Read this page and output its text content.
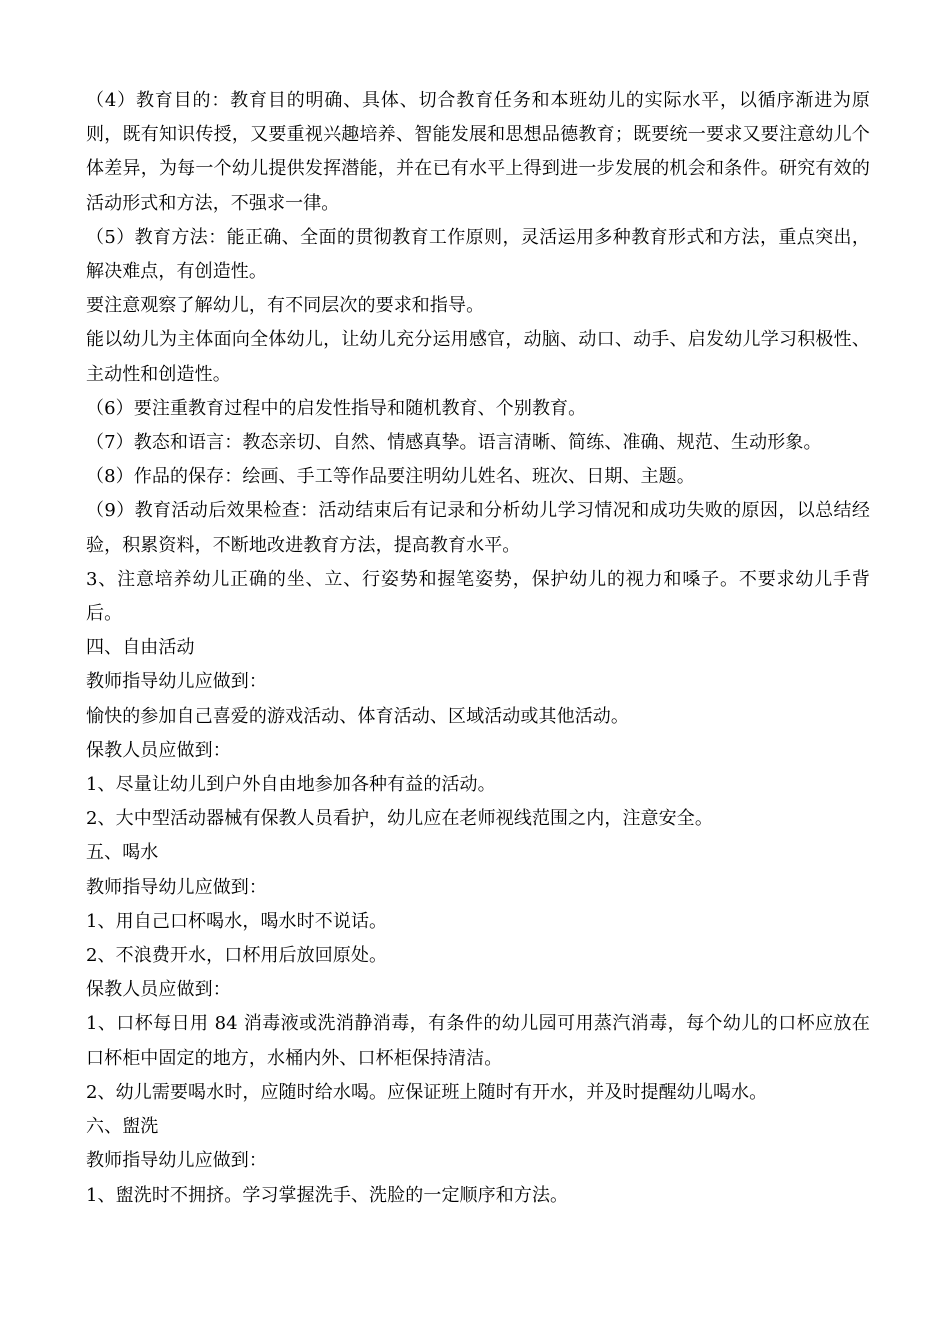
（4）教育目的：教育目的明确、具体、切合教育任务和本班幼儿的实际水平，以循序渐进为原则，既有知识传授，又要重视兴趣培养、智能发展和思想品德教育；既要统一要求又要注意幼儿个体差异，为每一个幼儿提供发挥潜能，并在已有水平上得到进一步发展的机会和条件。研究有效的活动形式和方法，不强求一律。

（5）教育方法：能正确、全面的贯彻教育工作原则，灵活运用多种教育形式和方法，重点突出，解决难点，有创造性。

要注意观察了解幼儿，有不同层次的要求和指导。

能以幼儿为主体面向全体幼儿，让幼儿充分运用感官，动脑、动口、动手、启发幼儿学习积极性、主动性和创造性。

（6）要注重教育过程中的启发性指导和随机教育、个别教育。

（7）教态和语言：教态亲切、自然、情感真挚。语言清晰、简练、准确、规范、生动形象。

（8）作品的保存：绘画、手工等作品要注明幼儿姓名、班次、日期、主题。

（9）教育活动后效果检查：活动结束后有记录和分析幼儿学习情况和成功失败的原因，以总结经验，积累资料，不断地改进教育方法，提高教育水平。

3、注意培养幼儿正确的坐、立、行姿势和握笔姿势，保护幼儿的视力和嗓子。不要求幼儿手背后。

四、自由活动

教师指导幼儿应做到：

愉快的参加自己喜爱的游戏活动、体育活动、区域活动或其他活动。

保教人员应做到：

1、尽量让幼儿到户外自由地参加各种有益的活动。

2、大中型活动器械有保教人员看护，幼儿应在老师视线范围之内，注意安全。

五、喝水

教师指导幼儿应做到：

1、用自己口杯喝水，喝水时不说话。

2、不浪费开水，口杯用后放回原处。

保教人员应做到：

1、口杯每日用 84 消毒液或洗消静消毒，有条件的幼儿园可用蒸汽消毒，每个幼儿的口杯应放在口杯柜中固定的地方，水桶内外、口杯柜保持清洁。

2、幼儿需要喝水时，应随时给水喝。应保证班上随时有开水，并及时提醒幼儿喝水。

六、盥洗

教师指导幼儿应做到：

1、盥洗时不拥挤。学习掌握洗手、洗脸的一定顺序和方法。
